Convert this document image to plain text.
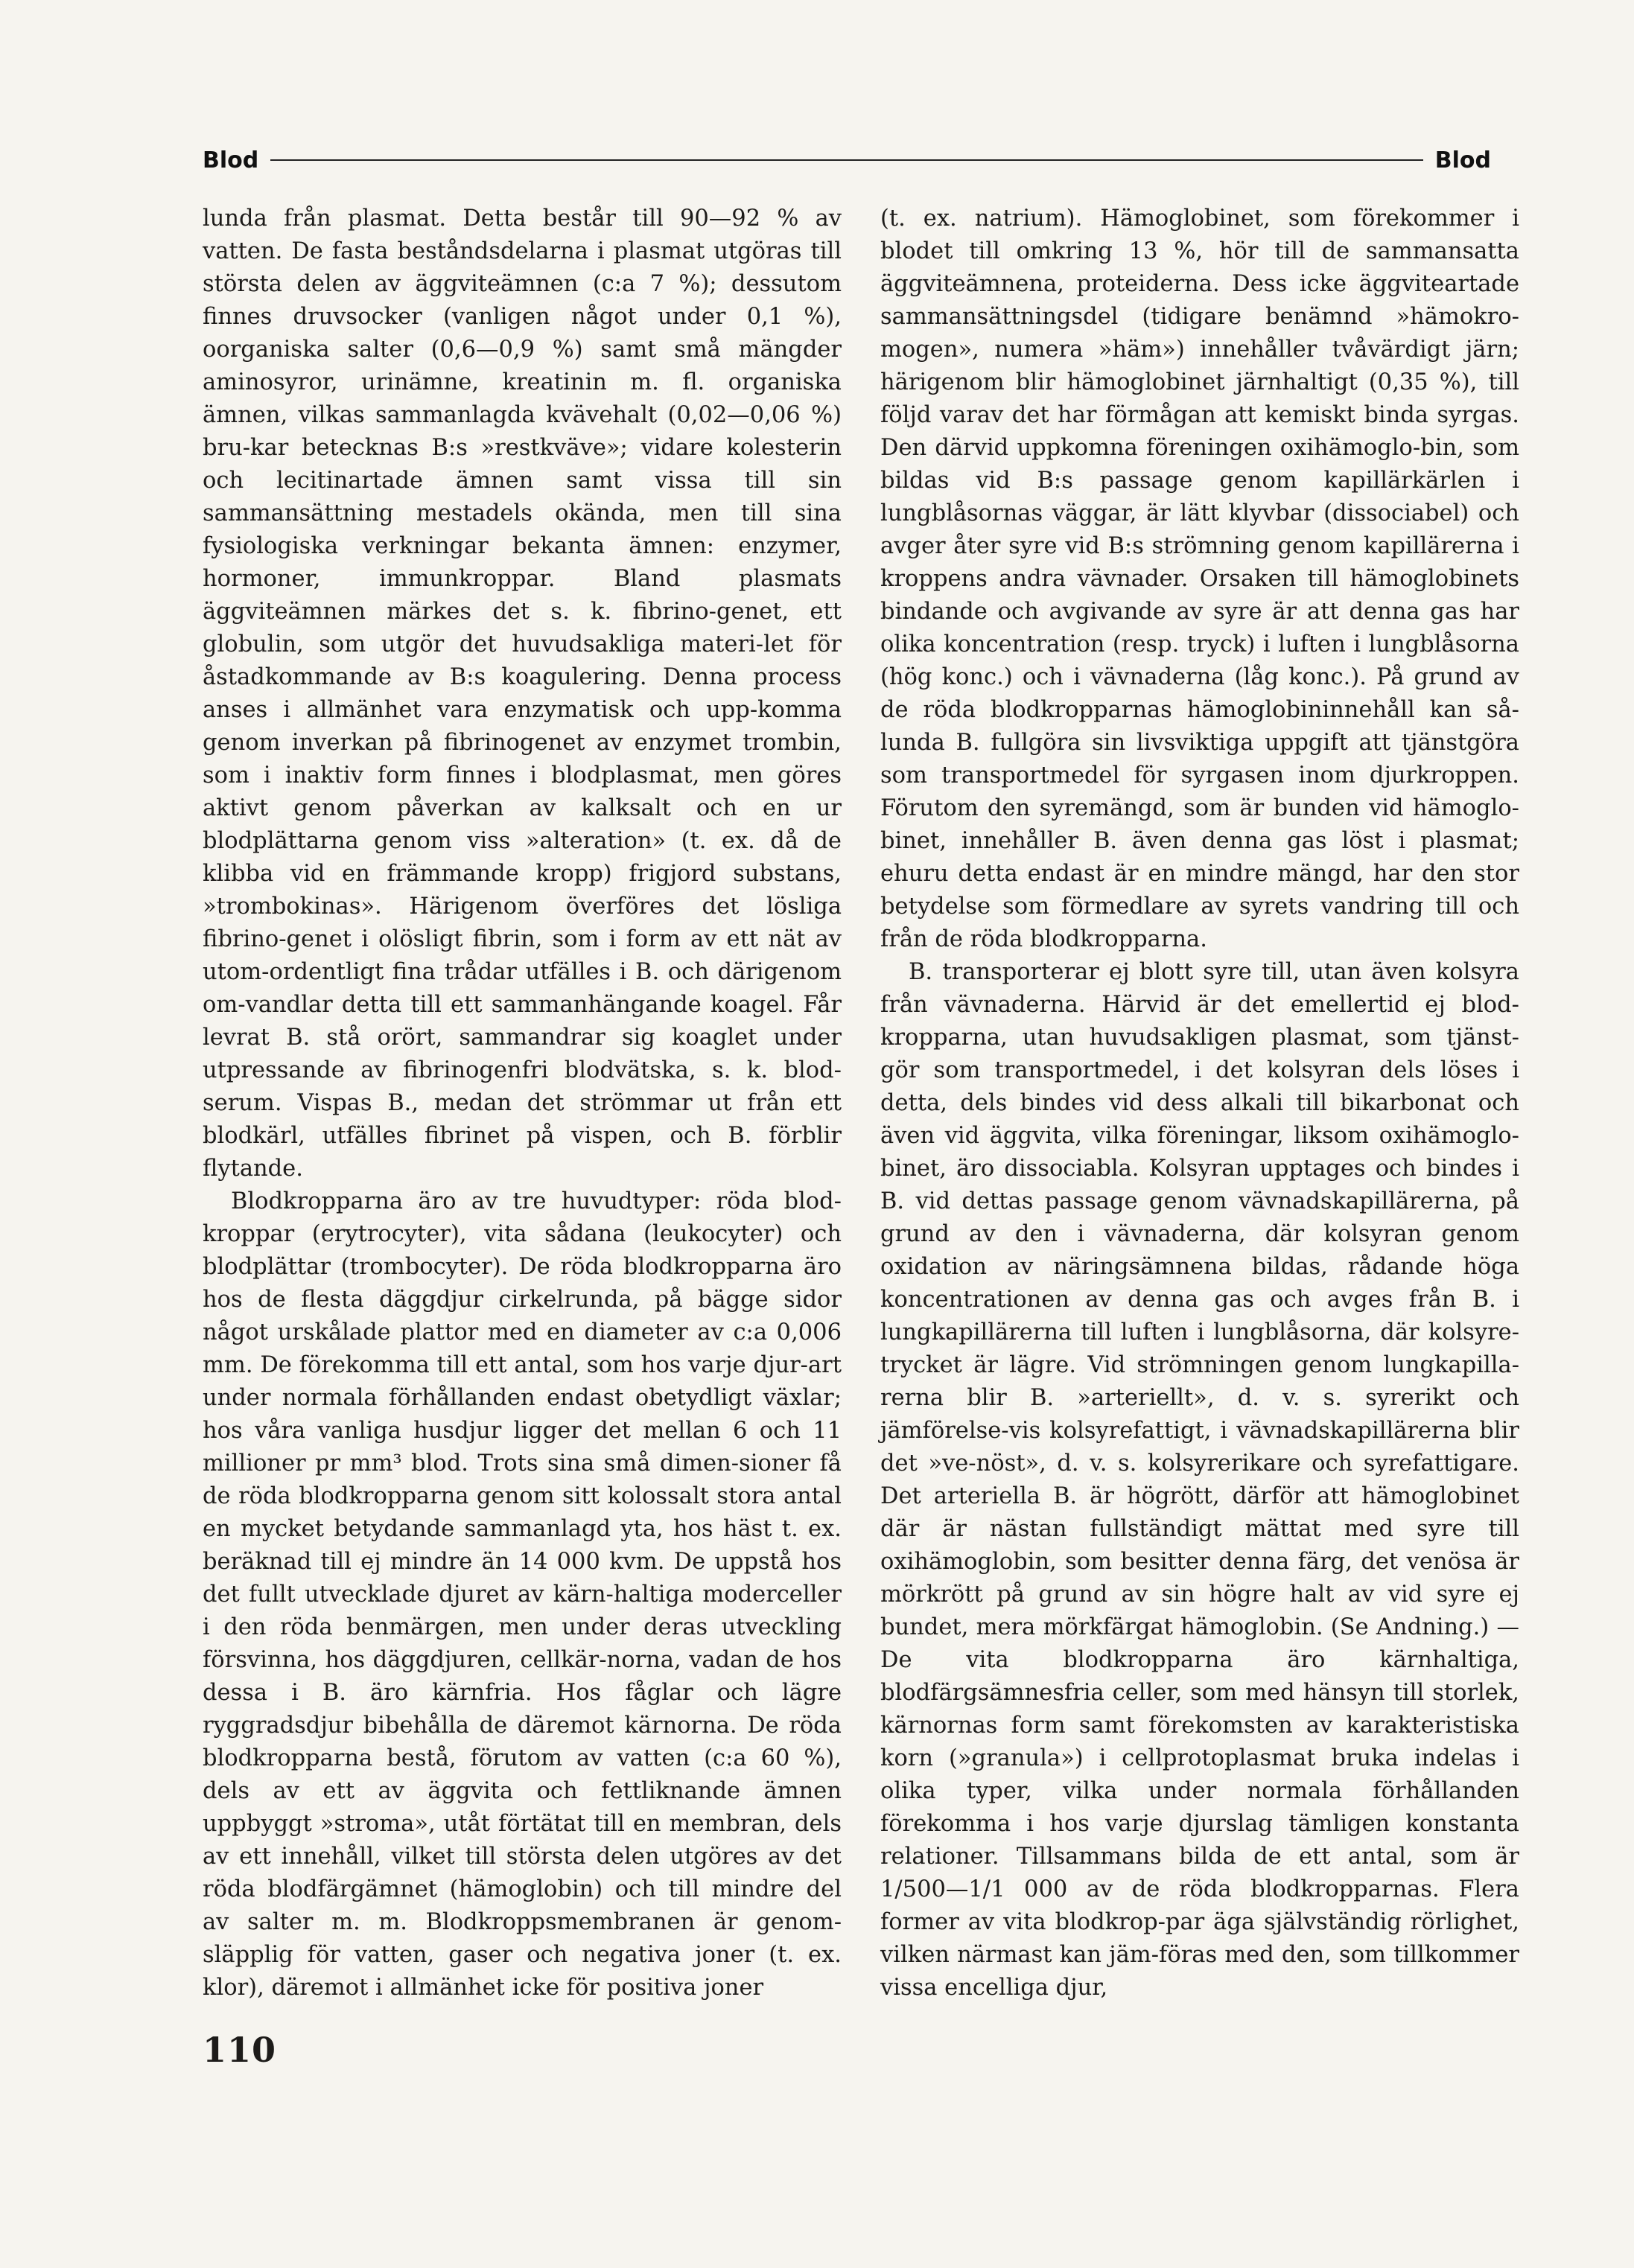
Blod	Blod

lunda från plasmat. Detta består till 90—92 % av vatten. De fasta beståndsdelarna i plasmat utgöras till största delen av äggviteämnen (c:a 7 %); dessutom finnes druvsocker (vanligen något under 0,1 %), oorganiska salter (0,6—0,9 %) samt små mängder aminosyror, urinämne, kreatinin m. fl. organiska ämnen, vilkas sammanlagda kvävehalt (0,02—0,06 %) bru-kar betecknas B:s »restkväve»; vidare kolesterin och lecitinartade ämnen samt vissa till sin sammansättning mestadels okända, men till sina fysiologiska verkningar bekanta ämnen: enzymer, hormoner, immunkroppar. Bland plasmats äggviteämnen märkes det s. k. fibrino-genet, ett globulin, som utgör det huvudsakliga materi-let för åstadkommande av B:s koagulering. Denna process anses i allmänhet vara enzymatisk och upp-komma genom inverkan på fibrinogenet av enzymet trombin, som i inaktiv form finnes i blodplasmat, men göres aktivt genom påverkan av kalksalt och en ur blodplättarna genom viss »alteration» (t. ex. då de klibba vid en främmande kropp) frigjord substans, »trombokinas». Härigenom överföres det lösliga fibrino-genet i olösligt fibrin, som i form av ett nät av utom-ordentligt fina trådar utfälles i B. och därigenom om-vandlar detta till ett sammanhängande koagel. Får levrat B. stå orört, sammandrar sig koaglet under utpressande av fibrinogenfri blodvätska, s. k. blod-serum. Vispas B., medan det strömmar ut från ett blodkärl, utfälles fibrinet på vispen, och B. förblir flytande.

Blodkropparna äro av tre huvudtyper: röda blod-kroppar (erytrocyter), vita sådana (leukocyter) och blodplättar (trombocyter). De röda blodkropparna äro hos de flesta däggdjur cirkelrunda, på bägge sidor något urskålade plattor med en diameter av c:a 0,006 mm. De förekomma till ett antal, som hos varje djur-art under normala förhållanden endast obetydligt växlar; hos våra vanliga husdjur ligger det mellan 6 och 11 millioner pr mm³ blod. Trots sina små dimen-sioner få de röda blodkropparna genom sitt kolossalt stora antal en mycket betydande sammanlagd yta, hos häst t. ex. beräknad till ej mindre än 14 000 kvm. De uppstå hos det fullt utvecklade djuret av kärn-haltiga moderceller i den röda benmärgen, men under deras utveckling försvinna, hos däggdjuren, cellkär-norna, vadan de hos dessa i B. äro kärnfria. Hos fåglar och lägre ryggradsdjur bibehålla de däremot kärnorna. De röda blodkropparna bestå, förutom av vatten (c:a 60 %), dels av ett av äggvita och fettliknande ämnen uppbyggt »stroma», utåt förtätat till en membran, dels av ett innehåll, vilket till största delen utgöres av det röda blodfärgämnet (hämoglobin) och till mindre del av salter m. m. Blodkroppsmembranen är genom-släpplig för vatten, gaser och negativa joner (t. ex. klor), däremot i allmänhet icke för positiva joner

(t. ex. natrium). Hämoglobinet, som förekommer i blodet till omkring 13 %, hör till de sammansatta äggviteämnena, proteiderna. Dess icke äggviteartade sammansättningsdel (tidigare benämnd »hämokro-mogen», numera »häm») innehåller tvåvärdigt järn; härigenom blir hämoglobinet järnhaltigt (0,35 %), till följd varav det har förmågan att kemiskt binda syrgas. Den därvid uppkomna föreningen oxihämoglo-bin, som bildas vid B:s passage genom kapillärkärlen i lungblåsornas väggar, är lätt klyvbar (dissociabel) och avger åter syre vid B:s strömning genom kapillärerna i kroppens andra vävnader. Orsaken till hämoglobinets bindande och avgivande av syre är att denna gas har olika koncentration (resp. tryck) i luften i lungblåsorna (hög konc.) och i vävnaderna (låg konc.). På grund av de röda blodkropparnas hämoglobininnehåll kan så-lunda B. fullgöra sin livsviktiga uppgift att tjänstgöra som transportmedel för syrgasen inom djurkroppen. Förutom den syremängd, som är bunden vid hämoglo-binet, innehåller B. även denna gas löst i plasmat; ehuru detta endast är en mindre mängd, har den stor betydelse som förmedlare av syrets vandring till och från de röda blodkropparna.

B. transporterar ej blott syre till, utan även kolsyra från vävnaderna. Härvid är det emellertid ej blod-kropparna, utan huvudsakligen plasmat, som tjänst-gör som transportmedel, i det kolsyran dels löses i detta, dels bindes vid dess alkali till bikarbonat och även vid äggvita, vilka föreningar, liksom oxihämoglo-binet, äro dissociabla. Kolsyran upptages och bindes i B. vid dettas passage genom vävnadskapillärerna, på grund av den i vävnaderna, där kolsyran genom oxidation av näringsämnena bildas, rådande höga koncentrationen av denna gas och avges från B. i lungkapillärerna till luften i lungblåsorna, där kolsyre-trycket är lägre. Vid strömningen genom lungkapilla-rerna blir B. »arteriellt», d. v. s. syrerikt och jämförelse-vis kolsyrefattigt, i vävnadskapillärerna blir det »ve-nöst», d. v. s. kolsyrerikare och syrefattigare. Det arteriella B. är högrött, därför att hämoglobinet där är nästan fullständigt mättat med syre till oxihämoglobin, som besitter denna färg, det venösa är mörkrött på grund av sin högre halt av vid syre ej bundet, mera mörkfärgat hämoglobin. (Se Andning.) — De vita blodkropparna äro kärnhaltiga, blodfärgsämnesfria celler, som med hänsyn till storlek, kärnornas form samt förekomsten av karakteristiska korn (»granula») i cellprotoplasmat bruka indelas i olika typer, vilka under normala förhållanden förekomma i hos varje djurslag tämligen konstanta relationer. Tillsammans bilda de ett antal, som är 1/500—1/1 000 av de röda blodkropparnas. Flera former av vita blodkrop-par äga självständig rörlighet, vilken närmast kan jäm-föras med den, som tillkommer vissa encelliga djur,

110
